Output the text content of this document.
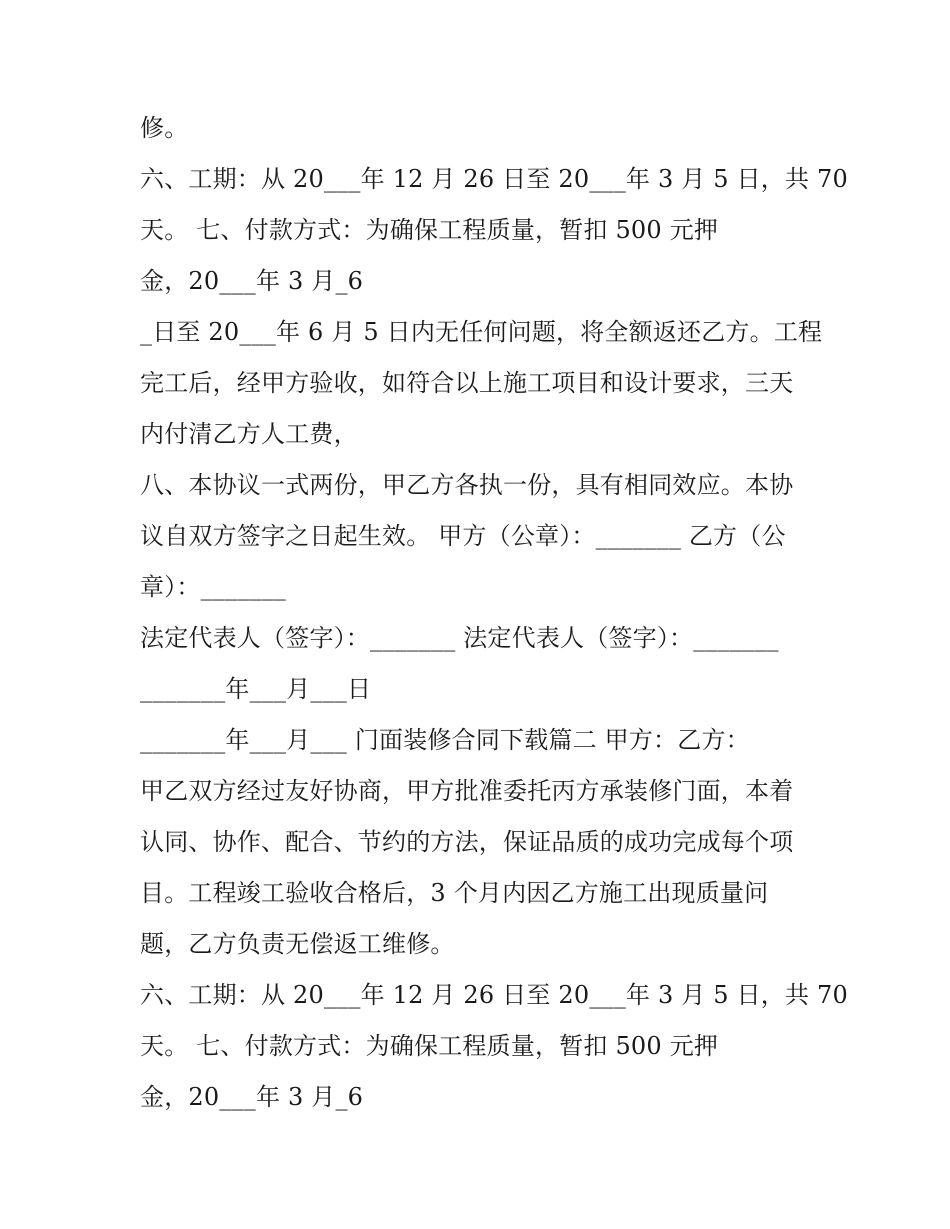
修。
六、工期：从 20___年 12 月 26 日至 20___年 3 月 5 日，共 70
天。 七、付款方式：为确保工程质量，暂扣 500 元押
金，20___年 3 月_6
_日至 20___年 6 月 5 日内无任何问题，将全额返还乙方。工程
完工后，经甲方验收，如符合以上施工项目和设计要求，三天
内付清乙方人工费，
八、本协议一式两份，甲乙方各执一份，具有相同效应。本协
议自双方签字之日起生效。 甲方（公章）：_______ 乙方（公
章）：_______
法定代表人（签字）：_______ 法定代表人（签字）：_______
_______年___月___日
_______年___月___ 门面装修合同下载篇二 甲方：乙方：
甲乙双方经过友好协商，甲方批准委托丙方承装修门面，本着
认同、协作、配合、节约的方法，保证品质的成功完成每个项
目。工程竣工验收合格后，3 个月内因乙方施工出现质量问
题，乙方负责无偿返工维修。
六、工期：从 20___年 12 月 26 日至 20___年 3 月 5 日，共 70
天。 七、付款方式：为确保工程质量，暂扣 500 元押
金，20___年 3 月_6
